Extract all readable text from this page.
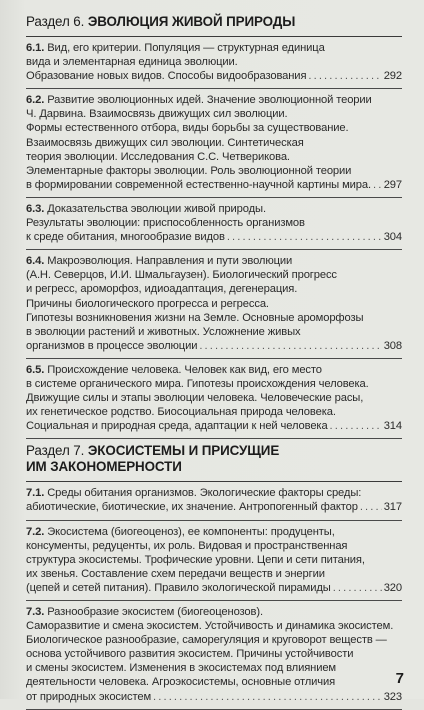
Раздел 6. ЭВОЛЮЦИЯ ЖИВОЙ ПРИРОДЫ
6.1. Вид, его критерии. Популяция — структурная единица
вида и элементарная единица эволюции.
Образование новых видов. Способы видообразования . . .	292
6.2. Развитие эволюционных идей. Значение эволюционной теории
Ч. Дарвина. Взаимосвязь движущих сил эволюции.
Формы естественного отбора, виды борьбы за существование.
Взаимосвязь движущих сил эволюции. Синтетическая
теория эволюции. Исследования С.С. Четверикова.
Элементарные факторы эволюции. Роль эволюционной теории
в формировании современной естественно-научной картины мира. . . . 297
6.3. Доказательства эволюции живой природы.
Результаты эволюции: приспособленность организмов
к среде обитания, многообразие видов . . .	304
6.4. Макроэволюция. Направления и пути эволюции
(А.Н. Северцов, И.И. Шмальгаузен). Биологический прогресс
и регресс, ароморфоз, идиоадаптация, дегенерация.
Причины биологического прогресса и регресса.
Гипотезы возникновения жизни на Земле. Основные ароморфозы
в эволюции растений и животных. Усложнение живых
организмов в процессе эволюции . . .	308
6.5. Происхождение человека. Человек как вид, его место
в системе органического мира. Гипотезы происхождения человека.
Движущие силы и этапы эволюции человека. Человеческие расы,
их генетическое родство. Биосоциальная природа человека.
Социальная и природная среда, адаптации к ней человека . . .	314
Раздел 7. ЭКОСИСТЕМЫ И ПРИСУЩИЕ
ИМ ЗАКОНОМЕРНОСТИ
7.1. Среды обитания организмов. Экологические факторы среды:
абиотические, биотические, их значение. Антропогенный фактор . . . 317
7.2. Экосистема (биогеоценоз), ее компоненты: продуценты,
консументы, редуценты, их роль. Видовая и пространственная
структура экосистемы. Трофические уровни. Цепи и сети питания,
их звенья. Составление схем передачи веществ и энергии
(цепей и сетей питания). Правило экологической пирамиды . . .	320
7.3. Разнообразие экосистем (биогеоценозов).
Саморазвитие и смена экосистем. Устойчивость и динамика экосистем.
Биологическое разнообразие, саморегуляция и круговорот веществ —
основа устойчивого развития экосистем. Причины устойчивости
и смены экосистем. Изменения в экосистемах под влиянием
деятельности человека. Агроэкосистемы, основные отличия
от природных экосистем . . .	323
7
